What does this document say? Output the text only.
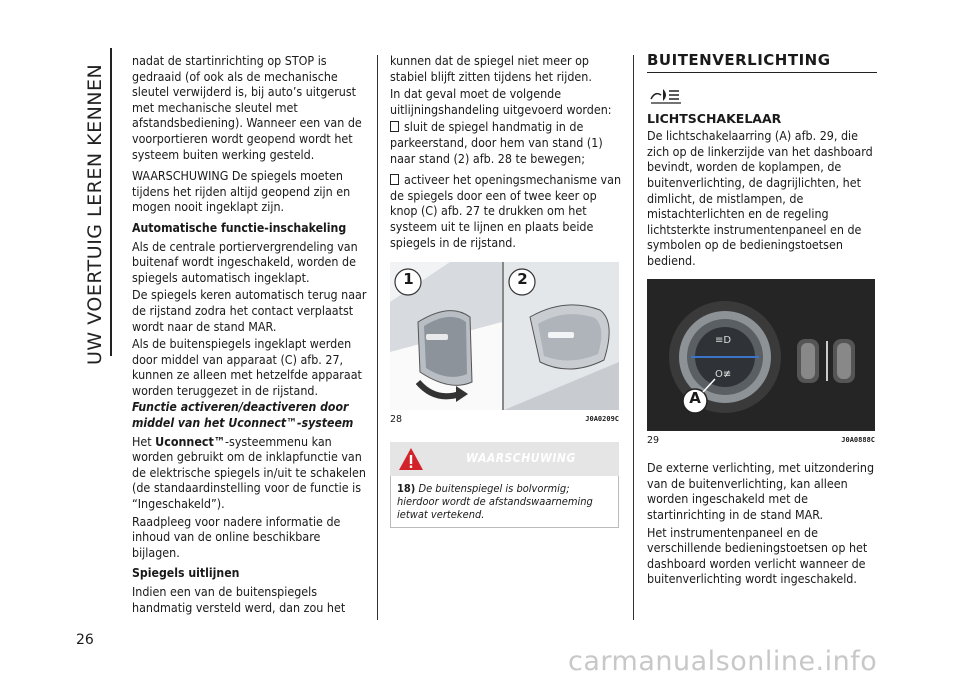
UW VOERTUIG LEREN KENNEN
26

nadat de startinrichting op STOP is gedraaid (of ook als de mechanische sleutel verwijderd is, bij auto’s uitgerust met mechanische sleutel met afstandsbediening). Wanneer een van de voorportieren wordt geopend wordt het systeem buiten werking gesteld.

WAARSCHUWING De spiegels moeten tijdens het rijden altijd geopend zijn en mogen nooit ingeklapt zijn.

Automatische functie-inschakeling

Als de centrale portiervergrendeling van buitenaf wordt ingeschakeld, worden de spiegels automatisch ingeklapt.

De spiegels keren automatisch terug naar de rijstand zodra het contact verplaatst wordt naar de stand MAR.

Als de buitenspiegels ingeklapt werden door middel van apparaat (C) afb. 27, kunnen ze alleen met hetzelfde apparaat worden teruggezet in de rijstand.

Functie activeren/deactiveren door middel van het Uconnect™-systeem

Het Uconnect™-systeemmenu kan worden gebruikt om de inklapfunctie van de elektrische spiegels in/uit te schakelen (de standaardinstelling voor de functie is “Ingeschakeld”).

Raadpleeg voor nadere informatie de inhoud van de online beschikbare bijlagen.

Spiegels uitlijnen

Indien een van de buitenspiegels handmatig versteld werd, dan zou het

kunnen dat de spiegel niet meer op stabiel blijft zitten tijdens het rijden.

In dat geval moet de volgende uitlijningshandeling uitgevoerd worden:

sluit de spiegel handmatig in de parkeerstand, door hem van stand (1) naar stand (2) afb. 28 te bewegen;

activeer het openingsmechanisme van de spiegels door een of twee keer op knop (C) afb. 27 te drukken om het systeem uit te lijnen en plaats beide spiegels in de rijstand.

1	2
28	J0A0209C
WAARSCHUWING
18) De buitenspiegel is bolvormig; hierdoor wordt de afstandswaarneming ietwat vertekend.
BUITENVERLICHTING
LICHTSCHAKELAAR

De lichtschakelaarring (A) afb. 29, die zich op de linkerzijde van het dashboard bevindt, worden de koplampen, de buitenverlichting, de dagrijlichten, het dimlicht, de mistlampen, de mistachterlichten en de regeling lichtsterkte instrumentenpaneel en de symbolen op de bedieningstoetsen bediend.

≡D
O≢
A
29	J0A0888C

De externe verlichting, met uitzondering van de buitenverlichting, kan alleen worden ingeschakeld met de startinrichting in de stand MAR.

Het instrumentenpaneel en de verschillende bedieningstoetsen op het dashboard worden verlicht wanneer de buitenverlichting wordt ingeschakeld.

carmanualsonline.info
